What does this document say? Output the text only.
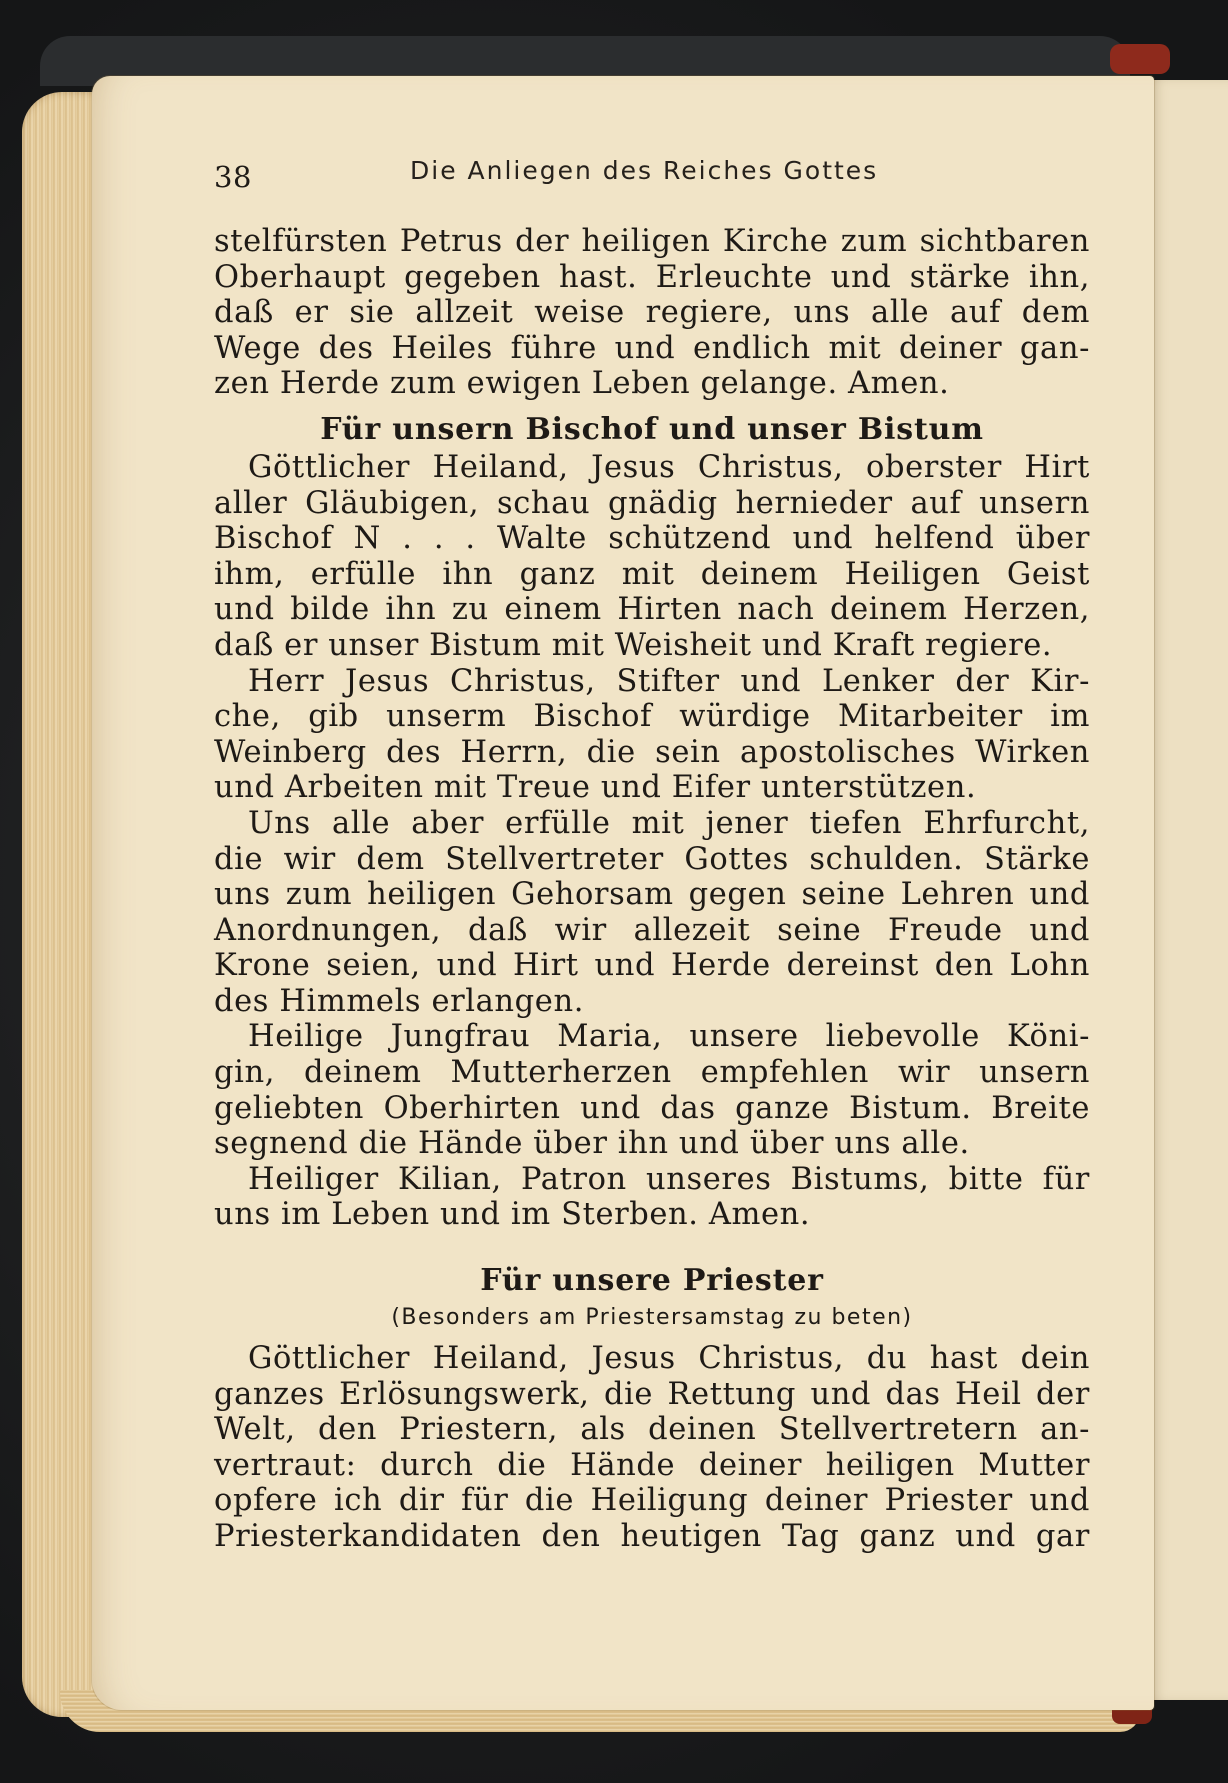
38	Die Anliegen des Reiches Gottes
stelfürsten Petrus der heiligen Kirche zum sichtbaren
Oberhaupt gegeben hast. Erleuchte und stärke ihn,
daß er sie allzeit weise regiere, uns alle auf dem
Wege des Heiles führe und endlich mit deiner gan-
zen Herde zum ewigen Leben gelange. Amen.
Für unsern Bischof und unser Bistum
Göttlicher Heiland, Jesus Christus, oberster Hirt
aller Gläubigen, schau gnädig hernieder auf unsern
Bischof N . . . Walte schützend und helfend über
ihm, erfülle ihn ganz mit deinem Heiligen Geist
und bilde ihn zu einem Hirten nach deinem Herzen,
daß er unser Bistum mit Weisheit und Kraft regiere.
Herr Jesus Christus, Stifter und Lenker der Kir-
che, gib unserm Bischof würdige Mitarbeiter im
Weinberg des Herrn, die sein apostolisches Wirken
und Arbeiten mit Treue und Eifer unterstützen.
Uns alle aber erfülle mit jener tiefen Ehrfurcht,
die wir dem Stellvertreter Gottes schulden. Stärke
uns zum heiligen Gehorsam gegen seine Lehren und
Anordnungen, daß wir allezeit seine Freude und
Krone seien, und Hirt und Herde dereinst den Lohn
des Himmels erlangen.
Heilige Jungfrau Maria, unsere liebevolle Köni-
gin, deinem Mutterherzen empfehlen wir unsern
geliebten Oberhirten und das ganze Bistum. Breite
segnend die Hände über ihn und über uns alle.
Heiliger Kilian, Patron unseres Bistums, bitte für
uns im Leben und im Sterben. Amen.
Für unsere Priester
(Besonders am Priestersamstag zu beten)
Göttlicher Heiland, Jesus Christus, du hast dein
ganzes Erlösungswerk, die Rettung und das Heil der
Welt, den Priestern, als deinen Stellvertretern an-
vertraut: durch die Hände deiner heiligen Mutter
opfere ich dir für die Heiligung deiner Priester und
Priesterkandidaten den heutigen Tag ganz und gar
